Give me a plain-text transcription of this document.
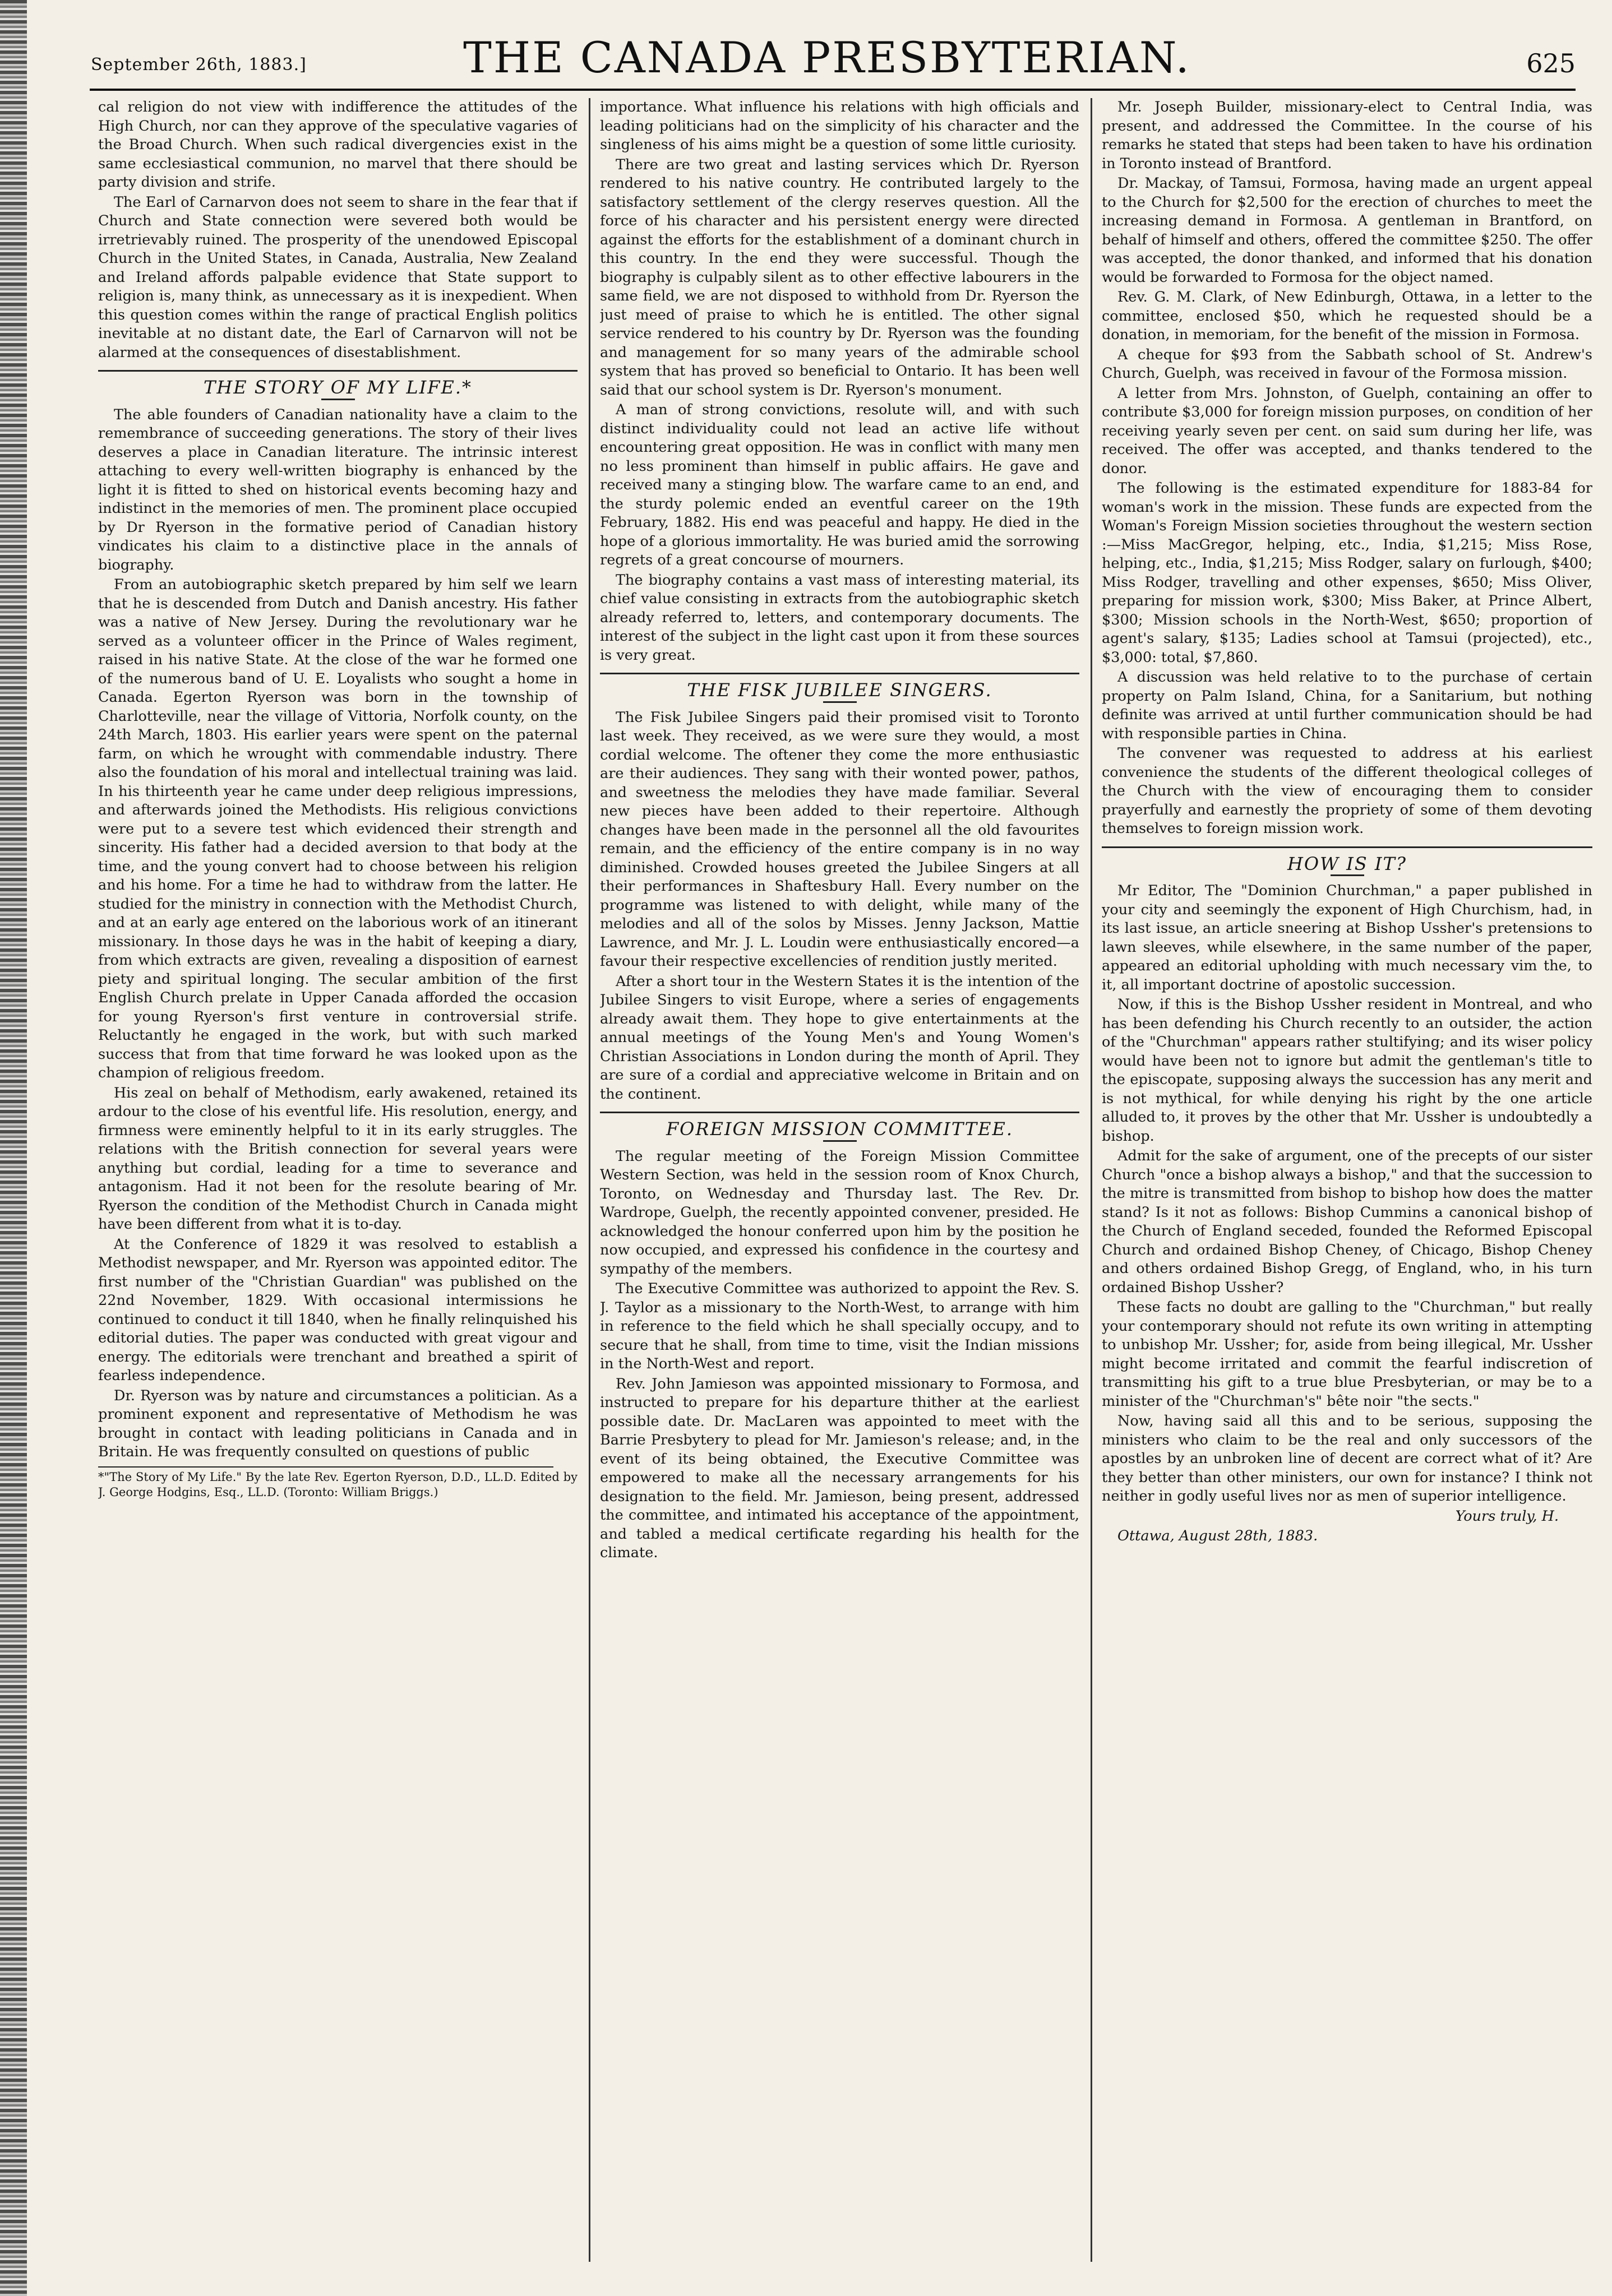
September 26th, 1883.]	THE CANADA PRESBYTERIAN.	625

cal religion do not view with indifference the attitudes of the High Church, nor can they approve of the speculative vagaries of the Broad Church. When such radical divergencies exist in the same ecclesiastical communion, no marvel that there should be party division and strife.

The Earl of Carnarvon does not seem to share in the fear that if Church and State connection were severed both would be irretrievably ruined. The prosperity of the unendowed Episcopal Church in the United States, in Canada, Australia, New Zealand and Ireland affords palpable evidence that State support to religion is, many think, as unnecessary as it is inexpedient. When this question comes within the range of practical English politics inevitable at no distant date, the Earl of Carnarvon will not be alarmed at the consequences of disestablishment.

THE STORY OF MY LIFE.*

The able founders of Canadian nationality have a claim to the remembrance of succeeding generations. The story of their lives deserves a place in Canadian literature. The intrinsic interest attaching to every well-written biography is enhanced by the light it is fitted to shed on historical events becoming hazy and indistinct in the memories of men. The prominent place occupied by Dr Ryerson in the formative period of Canadian history vindicates his claim to a distinctive place in the annals of biography.

From an autobiographic sketch prepared by him self we learn that he is descended from Dutch and Danish ancestry. His father was a native of New Jersey. During the revolutionary war he served as a volunteer officer in the Prince of Wales regiment, raised in his native State. At the close of the war he formed one of the numerous band of U. E. Loyalists who sought a home in Canada. Egerton Ryerson was born in the township of Charlotteville, near the village of Vittoria, Norfolk county, on the 24th March, 1803. His earlier years were spent on the paternal farm, on which he wrought with commendable industry. There also the foundation of his moral and intellectual training was laid. In his thirteenth year he came under deep religious impressions, and afterwards joined the Methodists. His religious convictions were put to a severe test which evidenced their strength and sincerity. His father had a decided aversion to that body at the time, and the young convert had to choose between his religion and his home. For a time he had to withdraw from the latter. He studied for the ministry in connection with the Methodist Church, and at an early age entered on the laborious work of an itinerant missionary. In those days he was in the habit of keeping a diary, from which extracts are given, revealing a disposition of earnest piety and spiritual longing. The secular ambition of the first English Church prelate in Upper Canada afforded the occasion for young Ryerson's first venture in controversial strife. Reluctantly he engaged in the work, but with such marked success that from that time forward he was looked upon as the champion of religious freedom.

His zeal on behalf of Methodism, early awakened, retained its ardour to the close of his eventful life. His resolution, energy, and firmness were eminently helpful to it in its early struggles. The relations with the British connection for several years were anything but cordial, leading for a time to severance and antagonism. Had it not been for the resolute bearing of Mr. Ryerson the condition of the Methodist Church in Canada might have been different from what it is to-day.

At the Conference of 1829 it was resolved to establish a Methodist newspaper, and Mr. Ryerson was appointed editor. The first number of the "Christian Guardian" was published on the 22nd November, 1829. With occasional intermissions he continued to conduct it till 1840, when he finally relinquished his editorial duties. The paper was conducted with great vigour and energy. The editorials were trenchant and breathed a spirit of fearless independence.

Dr. Ryerson was by nature and circumstances a politician. As a prominent exponent and representative of Methodism he was brought in contact with leading politicians in Canada and in Britain. He was frequently consulted on questions of public

*"The Story of My Life." By the late Rev. Egerton Ryerson, D.D., LL.D. Edited by J. George Hodgins, Esq., LL.D. (Toronto: William Briggs.)

importance. What influence his relations with high officials and leading politicians had on the simplicity of his character and the singleness of his aims might be a question of some little curiosity.

There are two great and lasting services which Dr. Ryerson rendered to his native country. He contributed largely to the satisfactory settlement of the clergy reserves question. All the force of his character and his persistent energy were directed against the efforts for the establishment of a dominant church in this country. In the end they were successful. Though the biography is culpably silent as to other effective labourers in the same field, we are not disposed to withhold from Dr. Ryerson the just meed of praise to which he is entitled. The other signal service rendered to his country by Dr. Ryerson was the founding and management for so many years of the admirable school system that has proved so beneficial to Ontario. It has been well said that our school system is Dr. Ryerson's monument.

A man of strong convictions, resolute will, and with such distinct individuality could not lead an active life without encountering great opposition. He was in conflict with many men no less prominent than himself in public affairs. He gave and received many a stinging blow. The warfare came to an end, and the sturdy polemic ended an eventful career on the 19th February, 1882. His end was peaceful and happy. He died in the hope of a glorious immortality. He was buried amid the sorrowing regrets of a great concourse of mourners.

The biography contains a vast mass of interesting material, its chief value consisting in extracts from the autobiographic sketch already referred to, letters, and contemporary documents. The interest of the subject in the light cast upon it from these sources is very great.

THE FISK JUBILEE SINGERS.

The Fisk Jubilee Singers paid their promised visit to Toronto last week. They received, as we were sure they would, a most cordial welcome. The oftener they come the more enthusiastic are their audiences. They sang with their wonted power, pathos, and sweetness the melodies they have made familiar. Several new pieces have been added to their repertoire. Although changes have been made in the personnel all the old favourites remain, and the efficiency of the entire company is in no way diminished. Crowded houses greeted the Jubilee Singers at all their performances in Shaftesbury Hall. Every number on the programme was listened to with delight, while many of the melodies and all of the solos by Misses. Jenny Jackson, Mattie Lawrence, and Mr. J. L. Loudin were enthusiastically encored—a favour their respective excellencies of rendition justly merited.

After a short tour in the Western States it is the intention of the Jubilee Singers to visit Europe, where a series of engagements already await them. They hope to give entertainments at the annual meetings of the Young Men's and Young Women's Christian Associations in London during the month of April. They are sure of a cordial and appreciative welcome in Britain and on the continent.

FOREIGN MISSION COMMITTEE.

The regular meeting of the Foreign Mission Committee Western Section, was held in the session room of Knox Church, Toronto, on Wednesday and Thursday last. The Rev. Dr. Wardrope, Guelph, the recently appointed convener, presided. He acknowledged the honour conferred upon him by the position he now occupied, and expressed his confidence in the courtesy and sympathy of the members.

The Executive Committee was authorized to appoint the Rev. S. J. Taylor as a missionary to the North-West, to arrange with him in reference to the field which he shall specially occupy, and to secure that he shall, from time to time, visit the Indian missions in the North-West and report.

Rev. John Jamieson was appointed missionary to Formosa, and instructed to prepare for his departure thither at the earliest possible date. Dr. MacLaren was appointed to meet with the Barrie Presbytery to plead for Mr. Jamieson's release; and, in the event of its being obtained, the Executive Committee was empowered to make all the necessary arrangements for his designation to the field. Mr. Jamieson, being present, addressed the committee, and intimated his acceptance of the appointment, and tabled a medical certificate regarding his health for the climate.

Mr. Joseph Builder, missionary-elect to Central India, was present, and addressed the Committee. In the course of his remarks he stated that steps had been taken to have his ordination in Toronto instead of Brantford.

Dr. Mackay, of Tamsui, Formosa, having made an urgent appeal to the Church for $2,500 for the erection of churches to meet the increasing demand in Formosa. A gentleman in Brantford, on behalf of himself and others, offered the committee $250. The offer was accepted, the donor thanked, and informed that his donation would be forwarded to Formosa for the object named.

Rev. G. M. Clark, of New Edinburgh, Ottawa, in a letter to the committee, enclosed $50, which he requested should be a donation, in memoriam, for the benefit of the mission in Formosa.

A cheque for $93 from the Sabbath school of St. Andrew's Church, Guelph, was received in favour of the Formosa mission.

A letter from Mrs. Johnston, of Guelph, containing an offer to contribute $3,000 for foreign mission purposes, on condition of her receiving yearly seven per cent. on said sum during her life, was received. The offer was accepted, and thanks tendered to the donor.

The following is the estimated expenditure for 1883-84 for woman's work in the mission. These funds are expected from the Woman's Foreign Mission societies throughout the western section :—Miss MacGregor, helping, etc., India, $1,215; Miss Rose, helping, etc., India, $1,215; Miss Rodger, salary on furlough, $400; Miss Rodger, travelling and other expenses, $650; Miss Oliver, preparing for mission work, $300; Miss Baker, at Prince Albert, $300; Mission schools in the North-West, $650; proportion of agent's salary, $135; Ladies school at Tamsui (projected), etc., $3,000: total, $7,860.

A discussion was held relative to to the purchase of certain property on Palm Island, China, for a Sanitarium, but nothing definite was arrived at until further communication should be had with responsible parties in China.

The convener was requested to address at his earliest convenience the students of the different theological colleges of the Church with the view of encouraging them to consider prayerfully and earnestly the propriety of some of them devoting themselves to foreign mission work.

HOW IS IT?

Mr Editor, The "Dominion Churchman," a paper published in your city and seemingly the exponent of High Churchism, had, in its last issue, an article sneering at Bishop Ussher's pretensions to lawn sleeves, while elsewhere, in the same number of the paper, appeared an editorial upholding with much necessary vim the, to it, all important doctrine of apostolic succession.

Now, if this is the Bishop Ussher resident in Montreal, and who has been defending his Church recently to an outsider, the action of the "Churchman" appears rather stultifying; and its wiser policy would have been not to ignore but admit the gentleman's title to the episcopate, supposing always the succession has any merit and is not mythical, for while denying his right by the one article alluded to, it proves by the other that Mr. Ussher is undoubtedly a bishop.

Admit for the sake of argument, one of the precepts of our sister Church "once a bishop always a bishop," and that the succession to the mitre is transmitted from bishop to bishop how does the matter stand? Is it not as follows: Bishop Cummins a canonical bishop of the Church of England seceded, founded the Reformed Episcopal Church and ordained Bishop Cheney, of Chicago, Bishop Cheney and others ordained Bishop Gregg, of England, who, in his turn ordained Bishop Ussher?

These facts no doubt are galling to the "Churchman," but really your contemporary should not refute its own writing in attempting to unbishop Mr. Ussher; for, aside from being illegical, Mr. Ussher might become irritated and commit the fearful indiscretion of transmitting his gift to a true blue Presbyterian, or may be to a minister of the "Churchman's" bête noir "the sects."

Now, having said all this and to be serious, supposing the ministers who claim to be the real and only successors of the apostles by an unbroken line of decent are correct what of it? Are they better than other ministers, our own for instance? I think not neither in godly useful lives nor as men of superior intelligence.

Yours truly, H.

Ottawa, August 28th, 1883.
